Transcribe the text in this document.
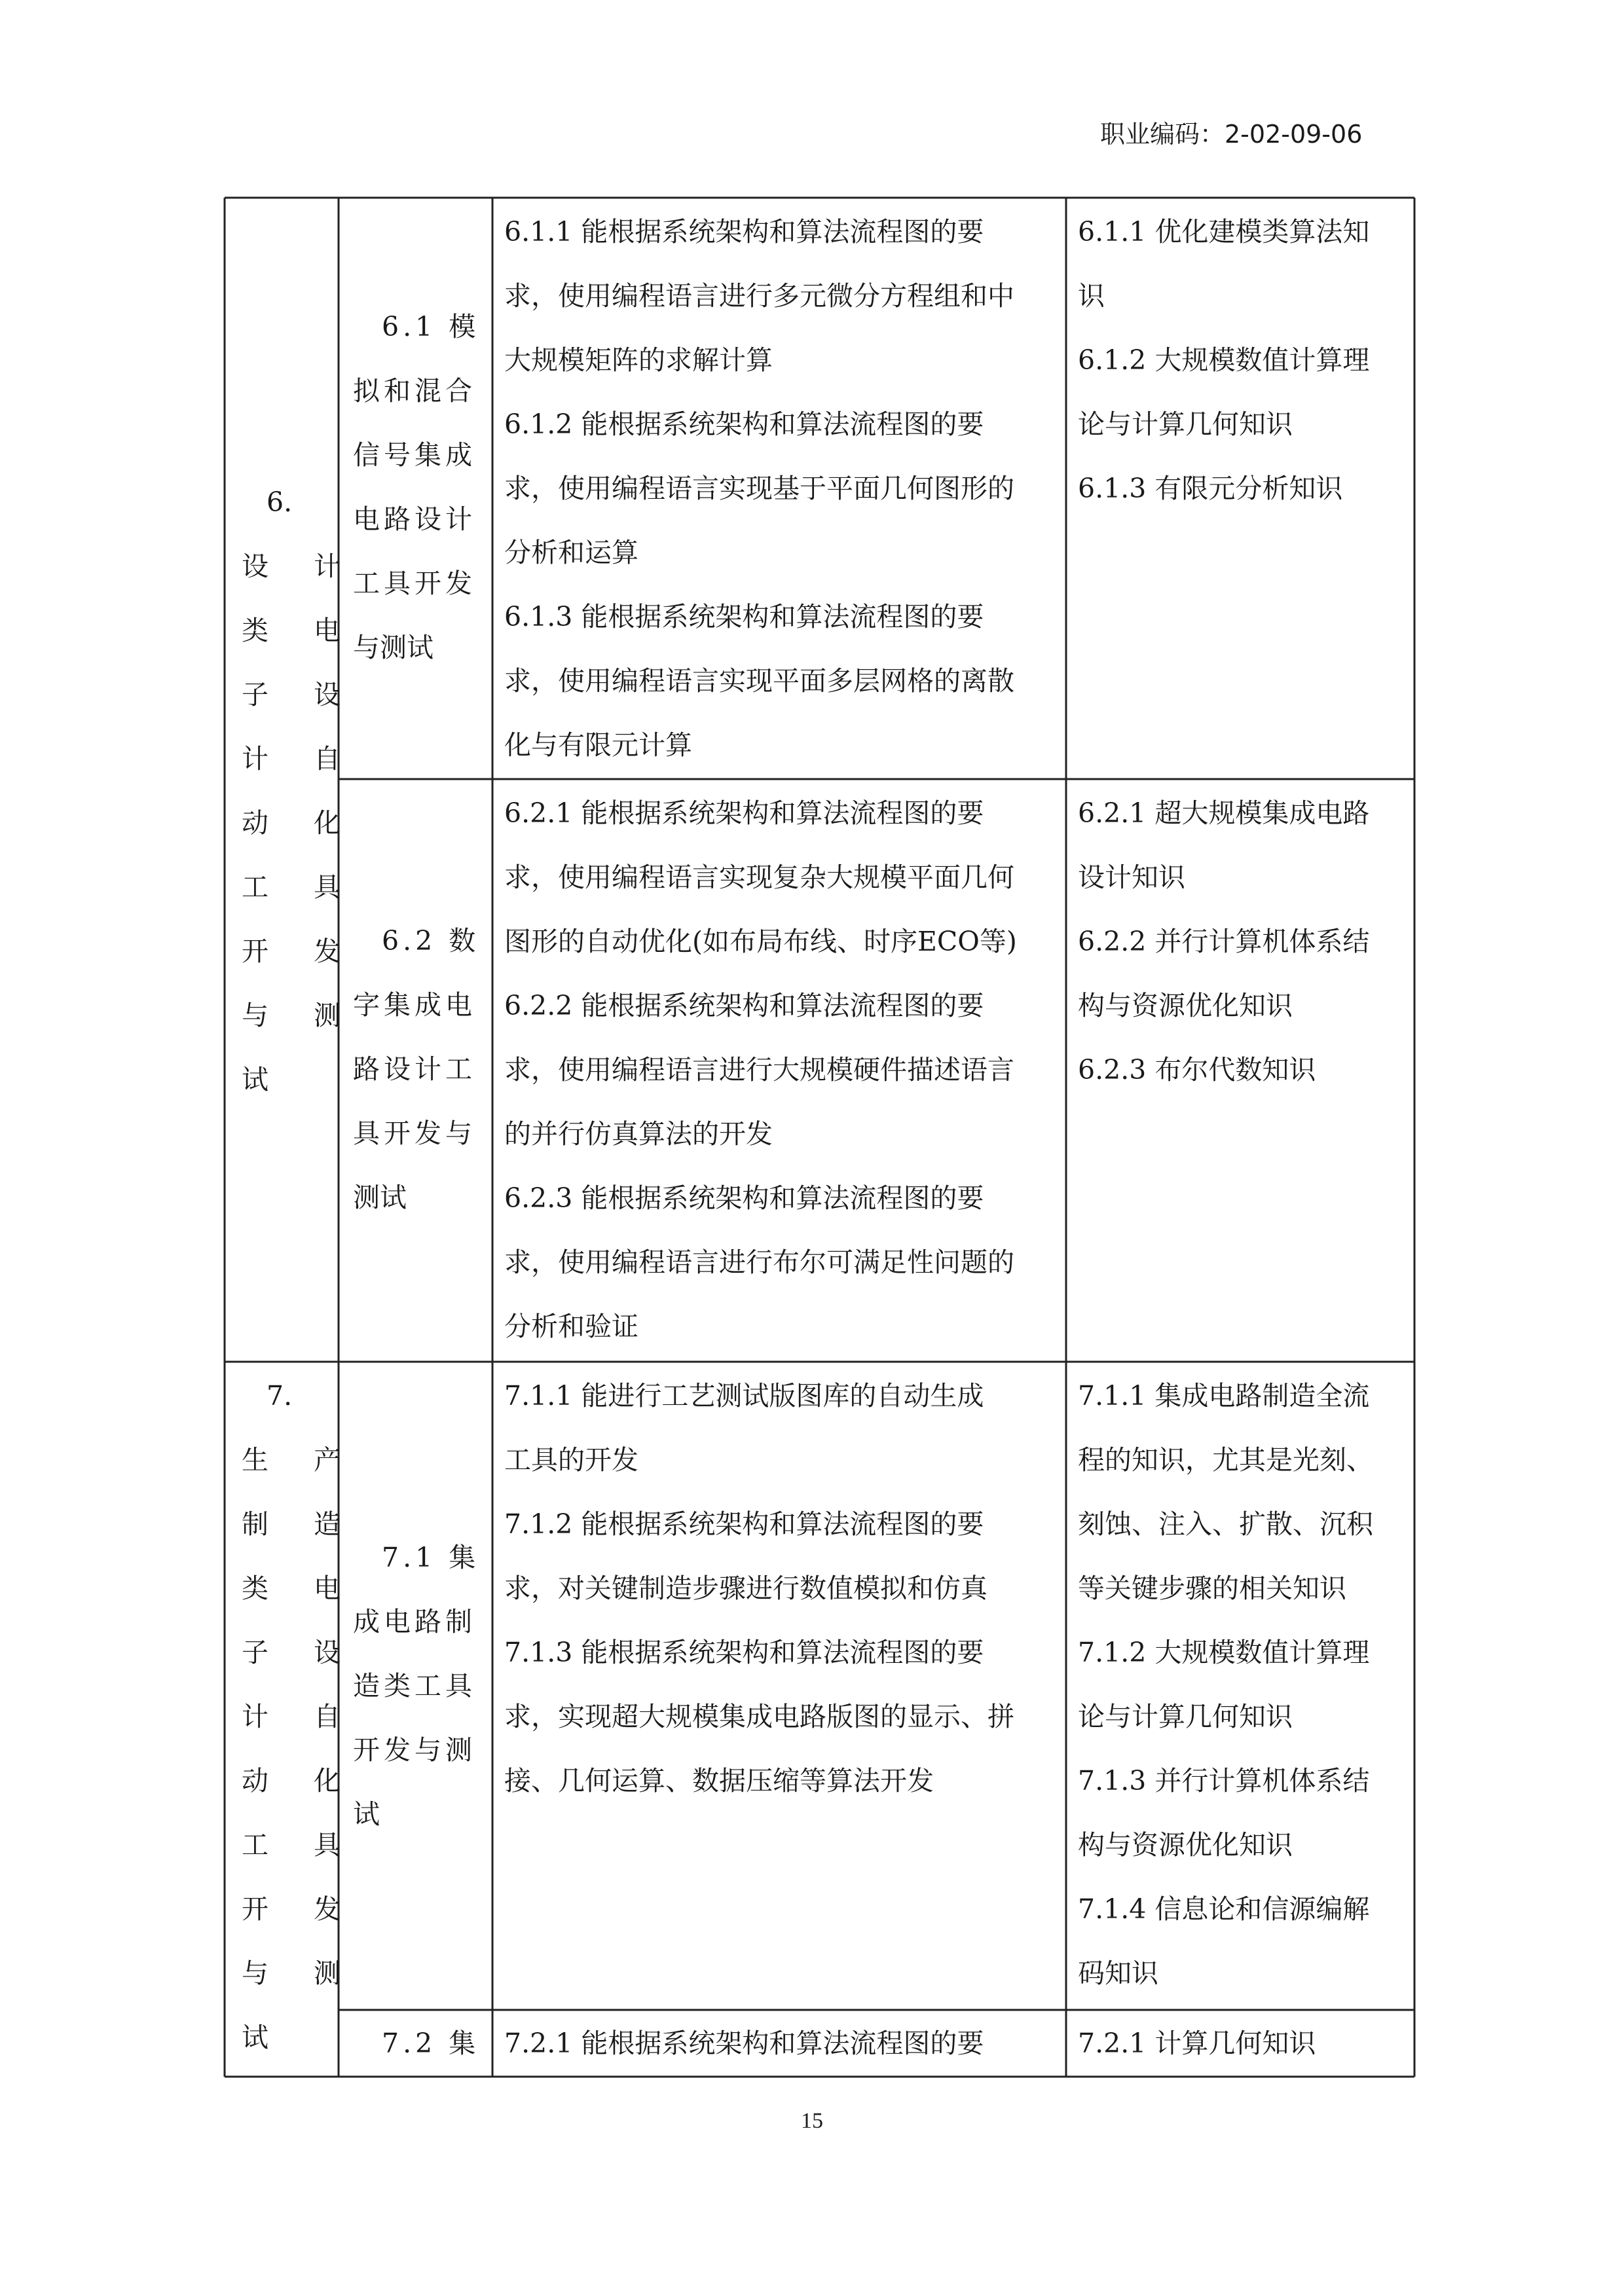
职业编码：2-02-09-06
6.
设 计
类 电
子 设
计 自
动 化
工 具
开 发
与 测
试
6.1 模
拟和混合
信号集成
电路设计
工具开发
与测试
6.1.1 能根据系统架构和算法流程图的要
求，使用编程语言进行多元微分方程组和中
大规模矩阵的求解计算
6.1.2 能根据系统架构和算法流程图的要
求，使用编程语言实现基于平面几何图形的
分析和运算
6.1.3 能根据系统架构和算法流程图的要
求，使用编程语言实现平面多层网格的离散
化与有限元计算
6.1.1 优化建模类算法知
识
6.1.2 大规模数值计算理
论与计算几何知识
6.1.3 有限元分析知识
6.2 数
字集成电
路设计工
具开发与
测试
6.2.1 能根据系统架构和算法流程图的要
求，使用编程语言实现复杂大规模平面几何
图形的自动优化(如布局布线、时序ECO等)
6.2.2 能根据系统架构和算法流程图的要
求，使用编程语言进行大规模硬件描述语言
的并行仿真算法的开发
6.2.3 能根据系统架构和算法流程图的要
求，使用编程语言进行布尔可满足性问题的
分析和验证
6.2.1 超大规模集成电路
设计知识
6.2.2 并行计算机体系结
构与资源优化知识
6.2.3 布尔代数知识
7.
生 产
制 造
类 电
子 设
计 自
动 化
工 具
开 发
与 测
试
7.1 集
成电路制
造类工具
开发与测
试
7.1.1 能进行工艺测试版图库的自动生成
工具的开发
7.1.2 能根据系统架构和算法流程图的要
求，对关键制造步骤进行数值模拟和仿真
7.1.3 能根据系统架构和算法流程图的要
求，实现超大规模集成电路版图的显示、拼
接、几何运算、数据压缩等算法开发
7.1.1 集成电路制造全流
程的知识，尤其是光刻、
刻蚀、注入、扩散、沉积
等关键步骤的相关知识
7.1.2 大规模数值计算理
论与计算几何知识
7.1.3 并行计算机体系结
构与资源优化知识
7.1.4 信息论和信源编解
码知识
7.2 集 7.2.1 能根据系统架构和算法流程图的要	7.2.1 计算几何知识
15
